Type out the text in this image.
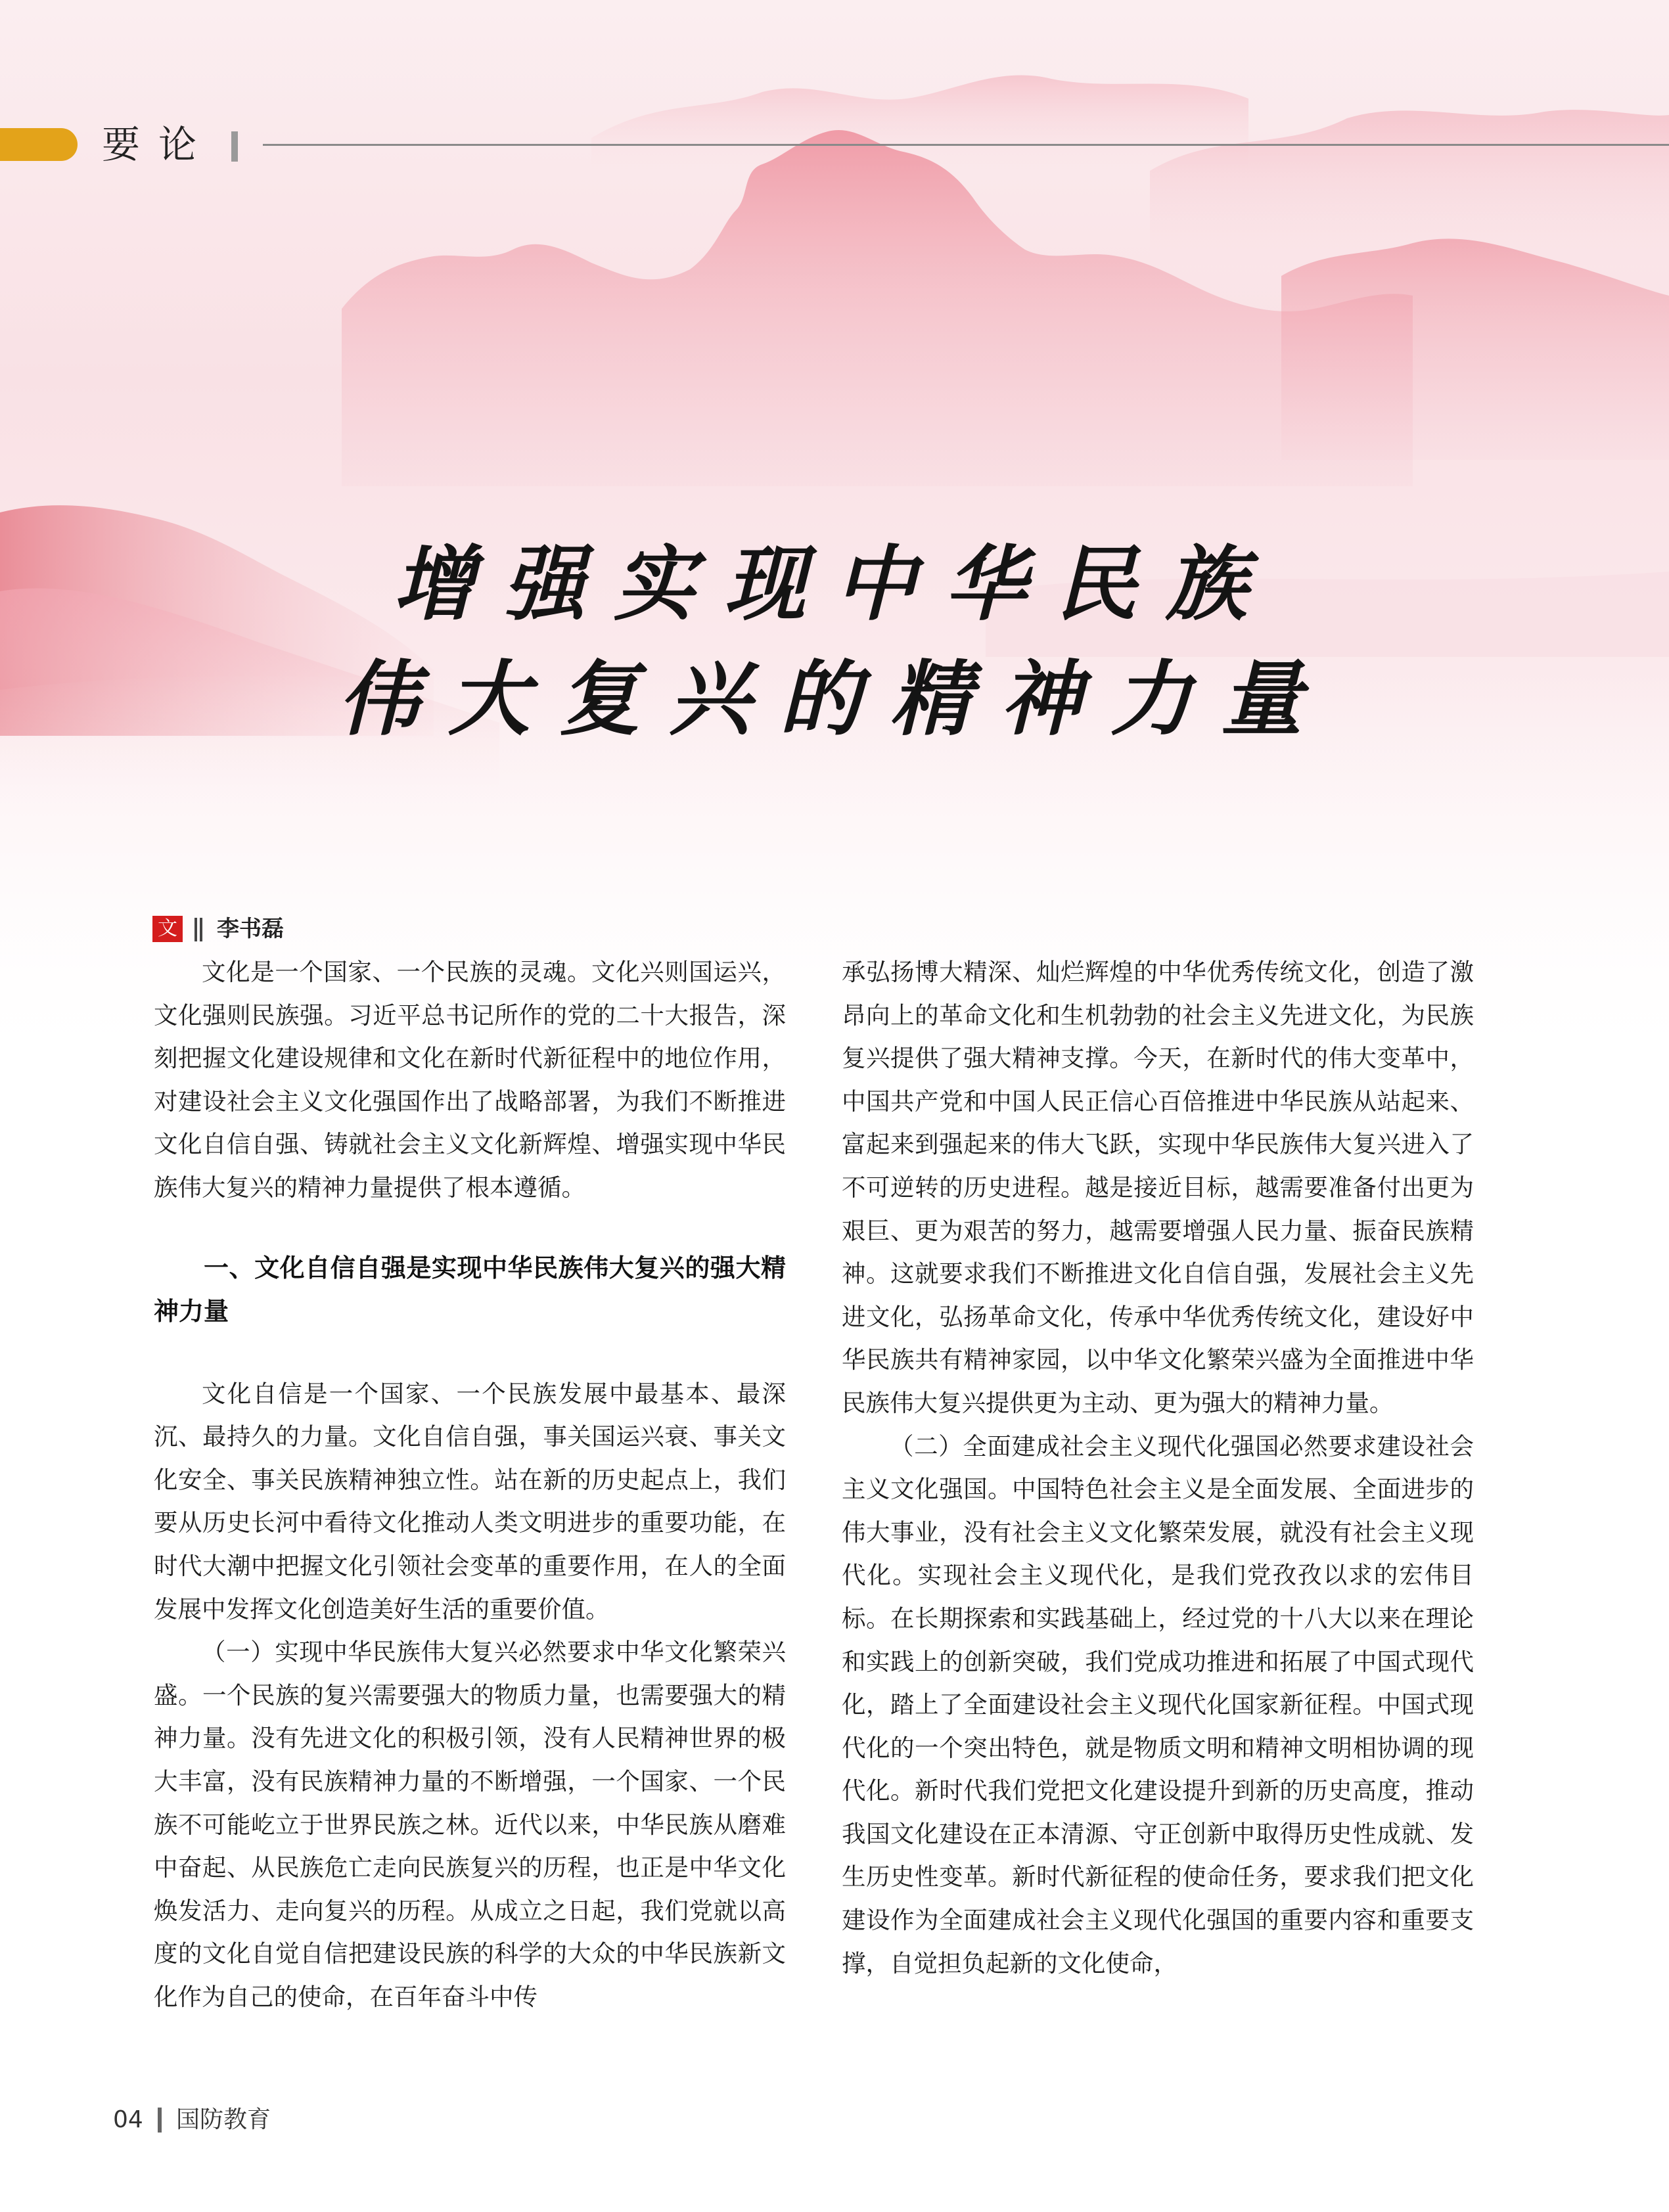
要论
增强实现中华民族
伟大复兴的精神力量
文 李书磊

文化是一个国家、一个民族的灵魂。文化兴则国运兴，文化强则民族强。习近平总书记所作的党的二十大报告，深刻把握文化建设规律和文化在新时代新征程中的地位作用，对建设社会主义文化强国作出了战略部署，为我们不断推进文化自信自强、铸就社会主义文化新辉煌、增强实现中华民族伟大复兴的精神力量提供了根本遵循。

一、文化自信自强是实现中华民族伟大复兴的强大精神力量

文化自信是一个国家、一个民族发展中最基本、最深沉、最持久的力量。文化自信自强，事关国运兴衰、事关文化安全、事关民族精神独立性。站在新的历史起点上，我们要从历史长河中看待文化推动人类文明进步的重要功能，在时代大潮中把握文化引领社会变革的重要作用，在人的全面发展中发挥文化创造美好生活的重要价值。

（一）实现中华民族伟大复兴必然要求中华文化繁荣兴盛。一个民族的复兴需要强大的物质力量，也需要强大的精神力量。没有先进文化的积极引领，没有人民精神世界的极大丰富，没有民族精神力量的不断增强，一个国家、一个民族不可能屹立于世界民族之林。近代以来，中华民族从磨难中奋起、从民族危亡走向民族复兴的历程，也正是中华文化焕发活力、走向复兴的历程。从成立之日起，我们党就以高度的文化自觉自信把建设民族的科学的大众的中华民族新文化作为自己的使命，在百年奋斗中传

承弘扬博大精深、灿烂辉煌的中华优秀传统文化，创造了激昂向上的革命文化和生机勃勃的社会主义先进文化，为民族复兴提供了强大精神支撑。今天，在新时代的伟大变革中，中国共产党和中国人民正信心百倍推进中华民族从站起来、富起来到强起来的伟大飞跃，实现中华民族伟大复兴进入了不可逆转的历史进程。越是接近目标，越需要准备付出更为艰巨、更为艰苦的努力，越需要增强人民力量、振奋民族精神。这就要求我们不断推进文化自信自强，发展社会主义先进文化，弘扬革命文化，传承中华优秀传统文化，建设好中华民族共有精神家园，以中华文化繁荣兴盛为全面推进中华民族伟大复兴提供更为主动、更为强大的精神力量。

（二）全面建成社会主义现代化强国必然要求建设社会主义文化强国。中国特色社会主义是全面发展、全面进步的伟大事业，没有社会主义文化繁荣发展，就没有社会主义现代化。实现社会主义现代化，是我们党孜孜以求的宏伟目标。在长期探索和实践基础上，经过党的十八大以来在理论和实践上的创新突破，我们党成功推进和拓展了中国式现代化，踏上了全面建设社会主义现代化国家新征程。中国式现代化的一个突出特色，就是物质文明和精神文明相协调的现代化。新时代我们党把文化建设提升到新的历史高度，推动我国文化建设在正本清源、守正创新中取得历史性成就、发生历史性变革。新时代新征程的使命任务，要求我们把文化建设作为全面建成社会主义现代化强国的重要内容和重要支撑，自觉担负起新的文化使命，

04 国防教育
